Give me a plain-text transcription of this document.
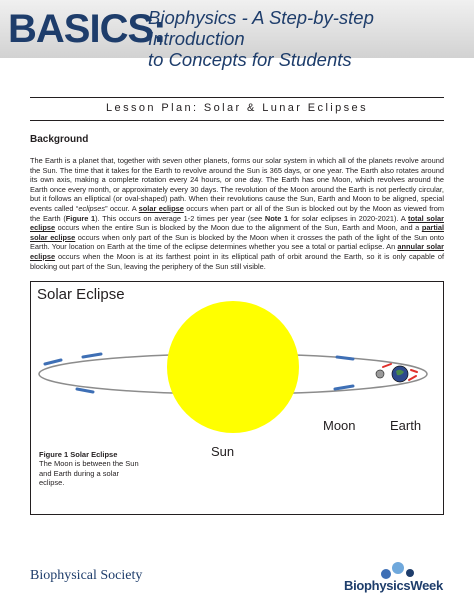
BASICS:
Biophysics - A Step-by-step Introduction
to Concepts for Students
Lesson Plan: Solar & Lunar Eclipses
Background
The Earth is a planet that, together with seven other planets, forms our solar system in which all of the planets revolve around the Sun. The time that it takes for the Earth to revolve around the Sun is 365 days, or one year. The Earth also rotates around its own axis, making a complete rotation every 24 hours, or one day. The Earth has one Moon, which revolves around the Earth once every month, or approximately every 30 days. The revolution of the Moon around the Earth is not perfectly circular, but it follows an elliptical (or oval-shaped) path. When their revolutions cause the Sun, Earth and Moon to be aligned, special events called “eclipses” occur. A solar eclipse occurs when part or all of the Sun is blocked out by the Moon as viewed from the Earth (Figure 1). This occurs on average 1-2 times per year (see Note 1 for solar eclipses in 2020-2021). A total solar eclipse occurs when the entire Sun is blocked by the Moon due to the alignment of the Sun, Earth and Moon, and a partial solar eclipse occurs when only part of the Sun is blocked by the Moon when it crosses the path of the light of the Sun onto Earth. Your location on Earth at the time of the eclipse determines whether you see a total or partial eclipse. An annular solar eclipse occurs when the Moon is at its farthest point in its elliptical path of orbit around the Earth, so it is only capable of blocking out part of the Sun, leaving the periphery of the Sun still visible.
Solar Eclipse
Moon	Earth
Sun
Figure 1 Solar Eclipse
The Moon is between the Sun and Earth during a solar eclipse.
Biophysical Society
BiophysicsWeek
